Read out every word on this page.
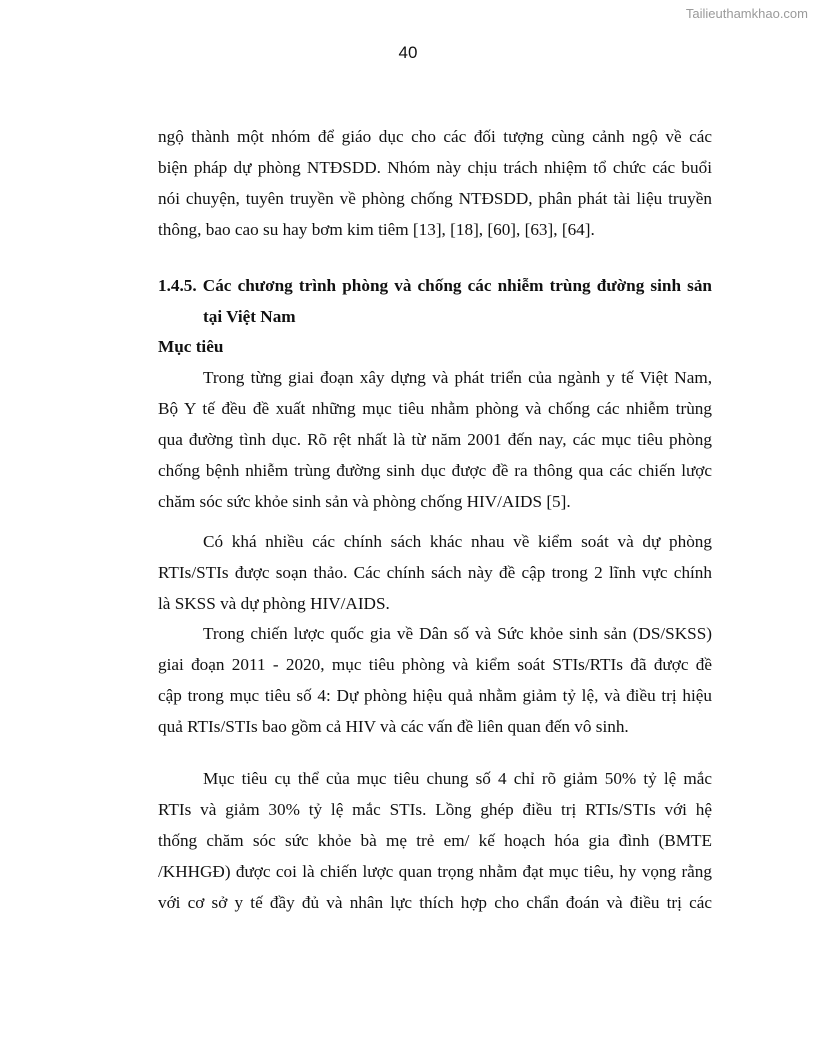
Tailieuthamkhao.com
40
ngộ thành một nhóm để giáo dục cho các đối tượng cùng cảnh ngộ về các
biện pháp dự phòng NTĐSDD. Nhóm này chịu trách nhiệm tổ chức các buổi
nói chuyện, tuyên truyền về phòng chống NTĐSDD, phân phát tài liệu truyền
thông, bao cao su hay bơm kim tiêm [13], [18], [60], [63], [64].
1.4.5. Các chương trình phòng và chống các nhiễm trùng đường sinh sản
tại Việt Nam
Mục tiêu
Trong từng giai đoạn xây dựng và phát triển của ngành y tế Việt Nam,
Bộ Y tế đều đề xuất những mục tiêu nhằm phòng và chống các nhiễm trùng
qua đường tình dục. Rõ rệt nhất là từ năm 2001 đến nay, các mục tiêu phòng
chống bệnh nhiễm trùng đường sinh dục được đề ra thông qua các chiến lược
chăm sóc sức khỏe sinh sản và phòng chống HIV/AIDS [5].
Có khá nhiều các chính sách khác nhau về kiểm soát và dự phòng
RTIs/STIs được soạn thảo. Các chính sách này đề cập trong 2 lĩnh vực chính
là SKSS và dự phòng HIV/AIDS.
Trong chiến lược quốc gia về Dân số và Sức khỏe sinh sản (DS/SKSS)
giai đoạn 2011 - 2020, mục tiêu phòng và kiểm soát STIs/RTIs đã được đề
cập trong mục tiêu số 4: Dự phòng hiệu quả nhằm giảm tỷ lệ, và điều trị hiệu
quả RTIs/STIs bao gồm cả HIV và các vấn đề liên quan đến vô sinh.
Mục tiêu cụ thể của mục tiêu chung số 4 chỉ rõ giảm 50% tỷ lệ mắc
RTIs và giảm 30% tỷ lệ mắc STIs. Lồng ghép điều trị RTIs/STIs với hệ
thống chăm sóc sức khỏe bà mẹ trẻ em/ kế hoạch hóa gia đình (BMTE
/KHHGĐ) được coi là chiến lược quan trọng nhằm đạt mục tiêu, hy vọng rằng
với cơ sở y tế đầy đủ và nhân lực thích hợp cho chẩn đoán và điều trị các
